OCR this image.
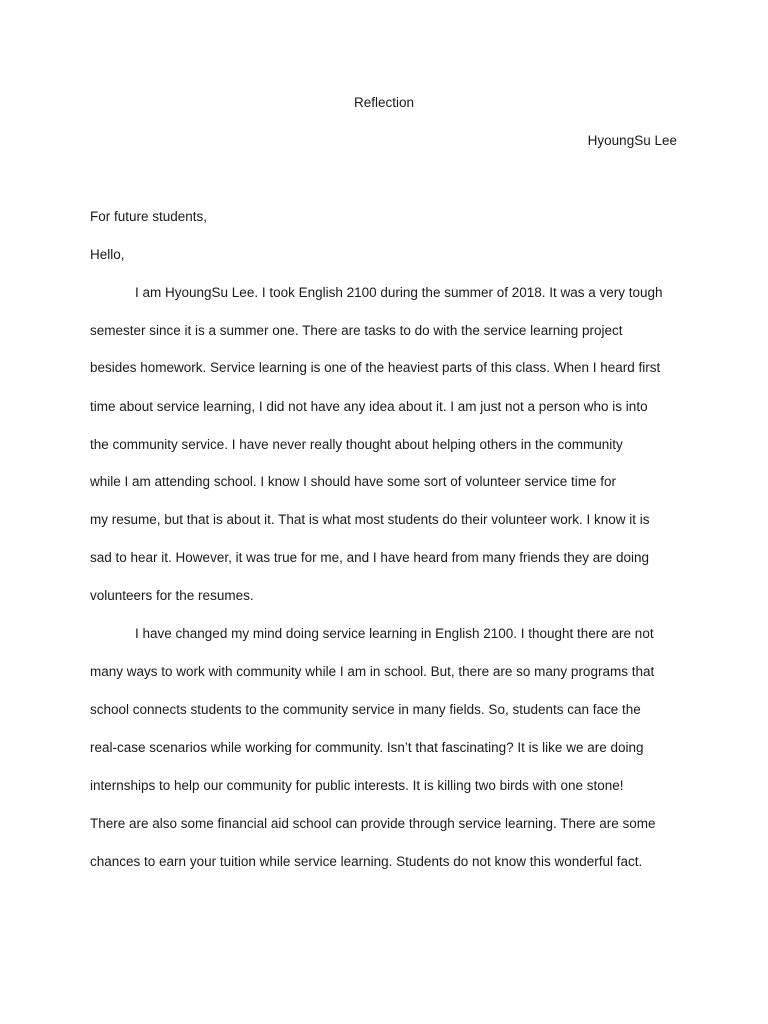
Reflection
HyoungSu Lee
For future students,
Hello,
I am HyoungSu Lee. I took English 2100 during the summer of 2018. It was a very tough
semester since it is a summer one. There are tasks to do with the service learning project
besides homework. Service learning is one of the heaviest parts of this class. When I heard first
time about service learning, I did not have any idea about it. I am just not a person who is into
the community service. I have never really thought about helping others in the community
while I am attending school. I know I should have some sort of volunteer service time for
my resume, but that is about it. That is what most students do their volunteer work. I know it is
sad to hear it. However, it was true for me, and I have heard from many friends they are doing
volunteers for the resumes.
I have changed my mind doing service learning in English 2100. I thought there are not
many ways to work with community while I am in school. But, there are so many programs that
school connects students to the community service in many fields. So, students can face the
real-case scenarios while working for community. Isn’t that fascinating? It is like we are doing
internships to help our community for public interests. It is killing two birds with one stone!
There are also some financial aid school can provide through service learning. There are some
chances to earn your tuition while service learning. Students do not know this wonderful fact.
